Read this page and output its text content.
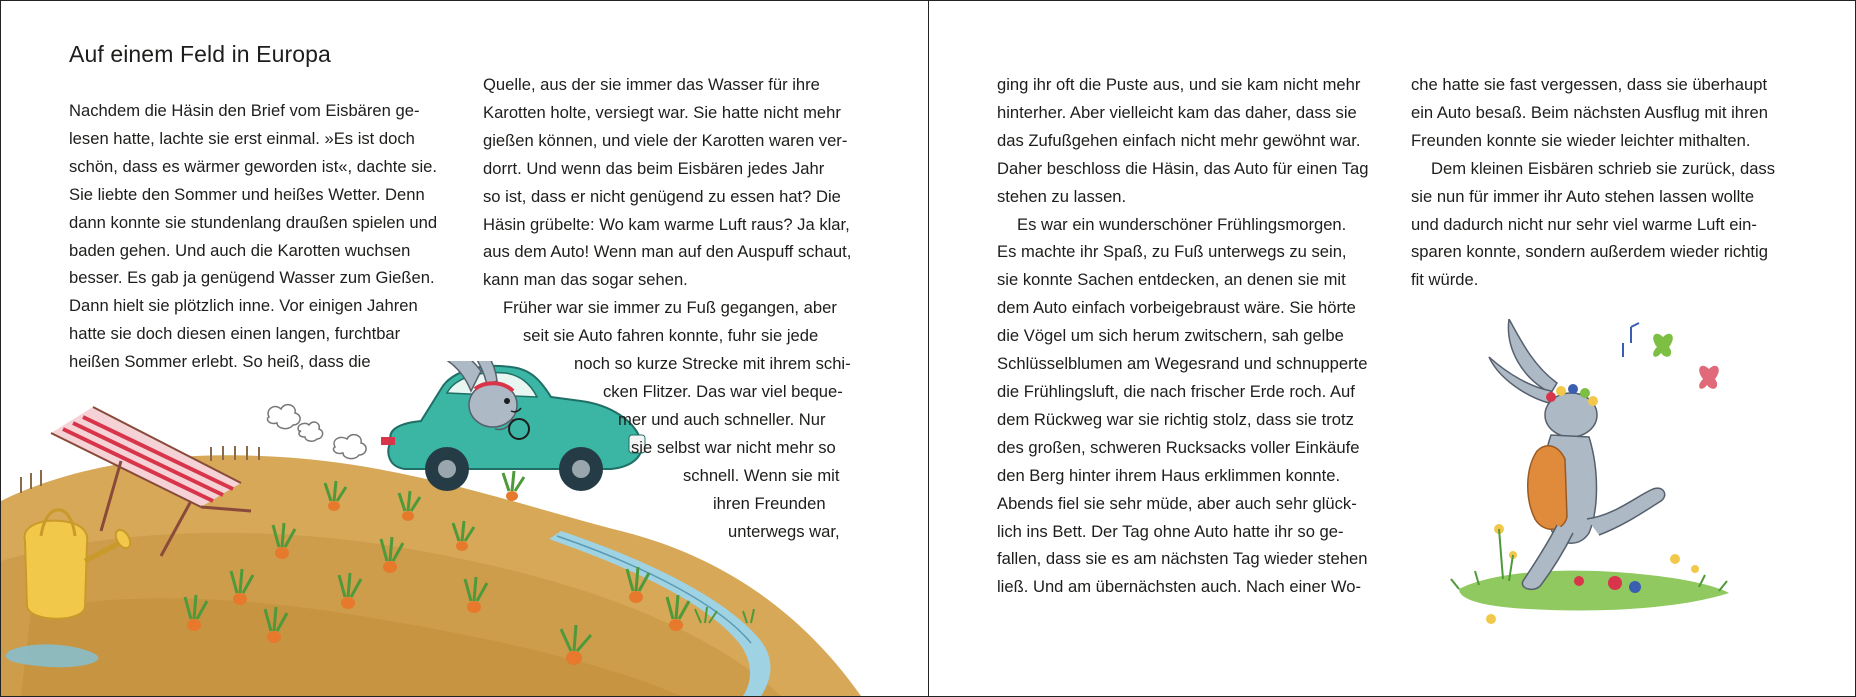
Auf einem Feld in Europa
Nachdem die Häsin den Brief vom Eisbären ge-
lesen hatte, lachte sie erst einmal. »Es ist doch
schön, dass es wärmer geworden ist«, dachte sie.
Sie liebte den Sommer und heißes Wetter. Denn
dann konnte sie stundenlang draußen spielen und
baden gehen. Und auch die Karotten wuchsen
besser. Es gab ja genügend Wasser zum Gießen.
Dann hielt sie plötzlich inne. Vor einigen Jahren
hatte sie doch diesen einen langen, furchtbar
heißen Sommer erlebt. So heiß, dass die
Quelle, aus der sie immer das Wasser für ihre
Karotten holte, versiegt war. Sie hatte nicht mehr
gießen können, und viele der Karotten waren ver-
dorrt. Und wenn das beim Eisbären jedes Jahr
so ist, dass er nicht genügend zu essen hat? Die
Häsin grübelte: Wo kam warme Luft raus? Ja klar,
aus dem Auto! Wenn man auf den Auspuff schaut,
kann man das sogar sehen.
Früher war sie immer zu Fuß gegangen, aber
seit sie Auto fahren konnte, fuhr sie jede
noch so kurze Strecke mit ihrem schi-
cken Flitzer. Das war viel beque-
mer und auch schneller. Nur
sie selbst war nicht mehr so
schnell. Wenn sie mit
ihren Freunden
unterwegs war,
ging ihr oft die Puste aus, und sie kam nicht mehr
hinterher. Aber vielleicht kam das daher, dass sie
das Zufußgehen einfach nicht mehr gewöhnt war.
Daher beschloss die Häsin, das Auto für einen Tag
stehen zu lassen.
Es war ein wunderschöner Frühlingsmorgen.
Es machte ihr Spaß, zu Fuß unterwegs zu sein,
sie konnte Sachen entdecken, an denen sie mit
dem Auto einfach vorbeigebraust wäre. Sie hörte
die Vögel um sich herum zwitschern, sah gelbe
Schlüsselblumen am Wegesrand und schnupperte
die Frühlingsluft, die nach frischer Erde roch. Auf
dem Rückweg war sie richtig stolz, dass sie trotz
des großen, schweren Rucksacks voller Einkäufe
den Berg hinter ihrem Haus erklimmen konnte.
Abends fiel sie sehr müde, aber auch sehr glück-
lich ins Bett. Der Tag ohne Auto hatte ihr so ge-
fallen, dass sie es am nächsten Tag wieder stehen
ließ. Und am übernächsten auch. Nach einer Wo-
che hatte sie fast vergessen, dass sie überhaupt
ein Auto besaß. Beim nächsten Ausflug mit ihren
Freunden konnte sie wieder leichter mithalten.
Dem kleinen Eisbären schrieb sie zurück, dass
sie nun für immer ihr Auto stehen lassen wollte
und dadurch nicht nur sehr viel warme Luft ein-
sparen konnte, sondern außerdem wieder richtig
fit würde.
